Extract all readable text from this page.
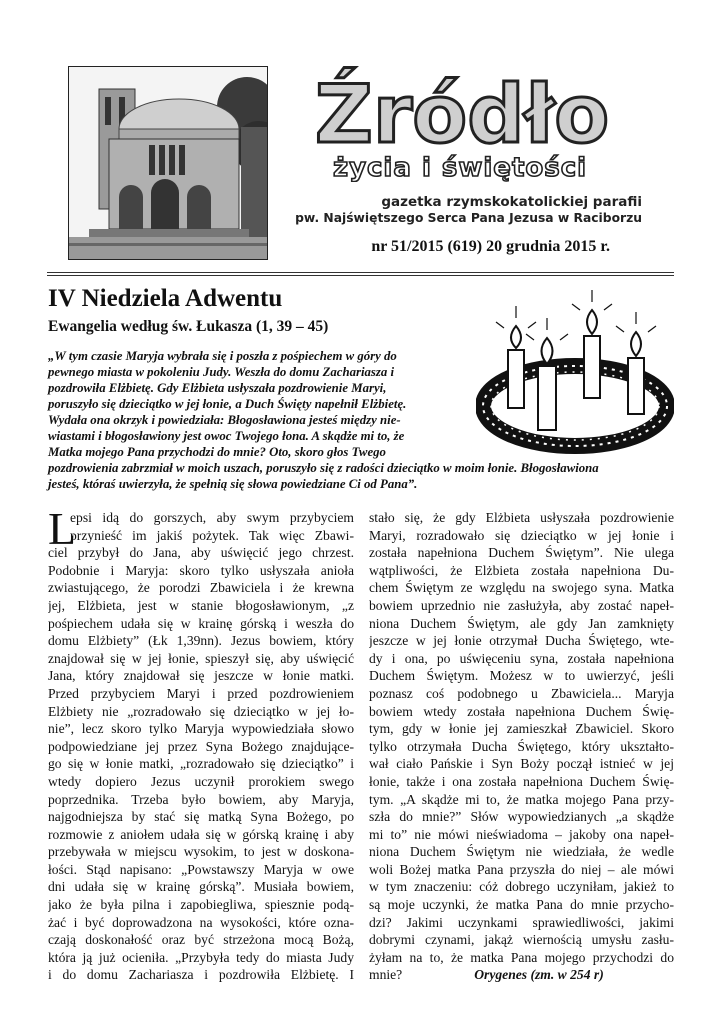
Źródło
życia i świętości
gazetka rzymskokatolickiej parafii
pw. Najświętszego Serca Pana Jezusa w Raciborzu
nr 51/2015 (619) 20 grudnia 2015 r.
IV Niedziela Adwentu
Ewangelia według św. Łukasza (1, 39 – 45)
„W tym czasie Maryja wybrała się i poszła z pośpiechem w góry do
pewnego miasta w pokoleniu Judy. Weszła do domu Zachariasza i
pozdrowiła Elżbietę. Gdy Elżbieta usłyszała pozdrowienie Maryi,
poruszyło się dzieciątko w jej łonie, a Duch Święty napełnił Elżbietę.
Wydała ona okrzyk i powiedziała: Błogosławiona jesteś między nie-
wiastami i błogosławiony jest owoc Twojego łona. A skądże mi to, że
Matka mojego Pana przychodzi do mnie? Oto, skoro głos Twego
pozdrowienia zabrzmiał w moich uszach, poruszyło się z radości dzieciątko w moim łonie. Błogosławiona
jesteś, któraś uwierzyła, że spełnią się słowa powiedziane Ci od Pana”.
L
epsi idą do gorszych, aby swym przybyciem
przynieść im jakiś pożytek. Tak więc Zbawi-
ciel przybył do Jana, aby uświęcić jego chrzest.
Podobnie i Maryja: skoro tylko usłyszała anioła
zwiastującego, że porodzi Zbawiciela i że krewna
jej, Elżbieta, jest w stanie błogosławionym, „z
pośpiechem udała się w krainę górską i weszła do
domu Elżbiety” (Łk 1,39nn). Jezus bowiem, który
znajdował się w jej łonie, spieszył się, aby uświęcić
Jana, który znajdował się jeszcze w łonie matki.
Przed przybyciem Maryi i przed pozdrowieniem
Elżbiety nie „rozradowało się dzieciątko w jej ło-
nie”, lecz skoro tylko Maryja wypowiedziała słowo
podpowiedziane jej przez Syna Bożego znajdujące-
go się w łonie matki, „rozradowało się dzieciątko” i
wtedy dopiero Jezus uczynił prorokiem swego
poprzednika. Trzeba było bowiem, aby Maryja,
najgodniejsza by stać się matką Syna Bożego, po
rozmowie z aniołem udała się w górską krainę i aby
przebywała w miejscu wysokim, to jest w doskona-
łości. Stąd napisano: „Powstawszy Maryja w owe
dni udała się w krainę górską”. Musiała bowiem,
jako że była pilna i zapobiegliwa, spiesznie podą-
żać i być doprowadzona na wysokości, które ozna-
czają doskonałość oraz być strzeżona mocą Bożą,
która ją już ocieniła. „Przybyła tedy do miasta Judy
i do domu Zachariasza i pozdrowiła Elżbietę. I
stało się, że gdy Elżbieta usłyszała pozdrowienie
Maryi, rozradowało się dzieciątko w jej łonie i
została napełniona Duchem Świętym”. Nie ulega
wątpliwości, że Elżbieta została napełniona Du-
chem Świętym ze względu na swojego syna. Matka
bowiem uprzednio nie zasłużyła, aby zostać napeł-
niona Duchem Świętym, ale gdy Jan zamknięty
jeszcze w jej łonie otrzymał Ducha Świętego, wte-
dy i ona, po uświęceniu syna, została napełniona
Duchem Świętym. Możesz w to uwierzyć, jeśli
poznasz coś podobnego u Zbawiciela... Maryja
bowiem wtedy została napełniona Duchem Świę-
tym, gdy w łonie jej zamieszkał Zbawiciel. Skoro
tylko otrzymała Ducha Świętego, który ukształto-
wał ciało Pańskie i Syn Boży począł istnieć w jej
łonie, także i ona została napełniona Duchem Świę-
tym. „A skądże mi to, że matka mojego Pana przy-
szła do mnie?” Słów wypowiedzianych „a skądże
mi to” nie mówi nieświadoma – jakoby ona napeł-
niona Duchem Świętym nie wiedziała, że wedle
woli Bożej matka Pana przyszła do niej – ale mówi
w tym znaczeniu: cóż dobrego uczyniłam, jakież to
są moje uczynki, że matka Pana do mnie przycho-
dzi? Jakimi uczynkami sprawiedliwości, jakimi
dobrymi czynami, jakąż wiernością umysłu zasłu-
żyłam na to, że matka Pana mojego przychodzi do
mnie?	Orygenes (zm. w 254 r)
